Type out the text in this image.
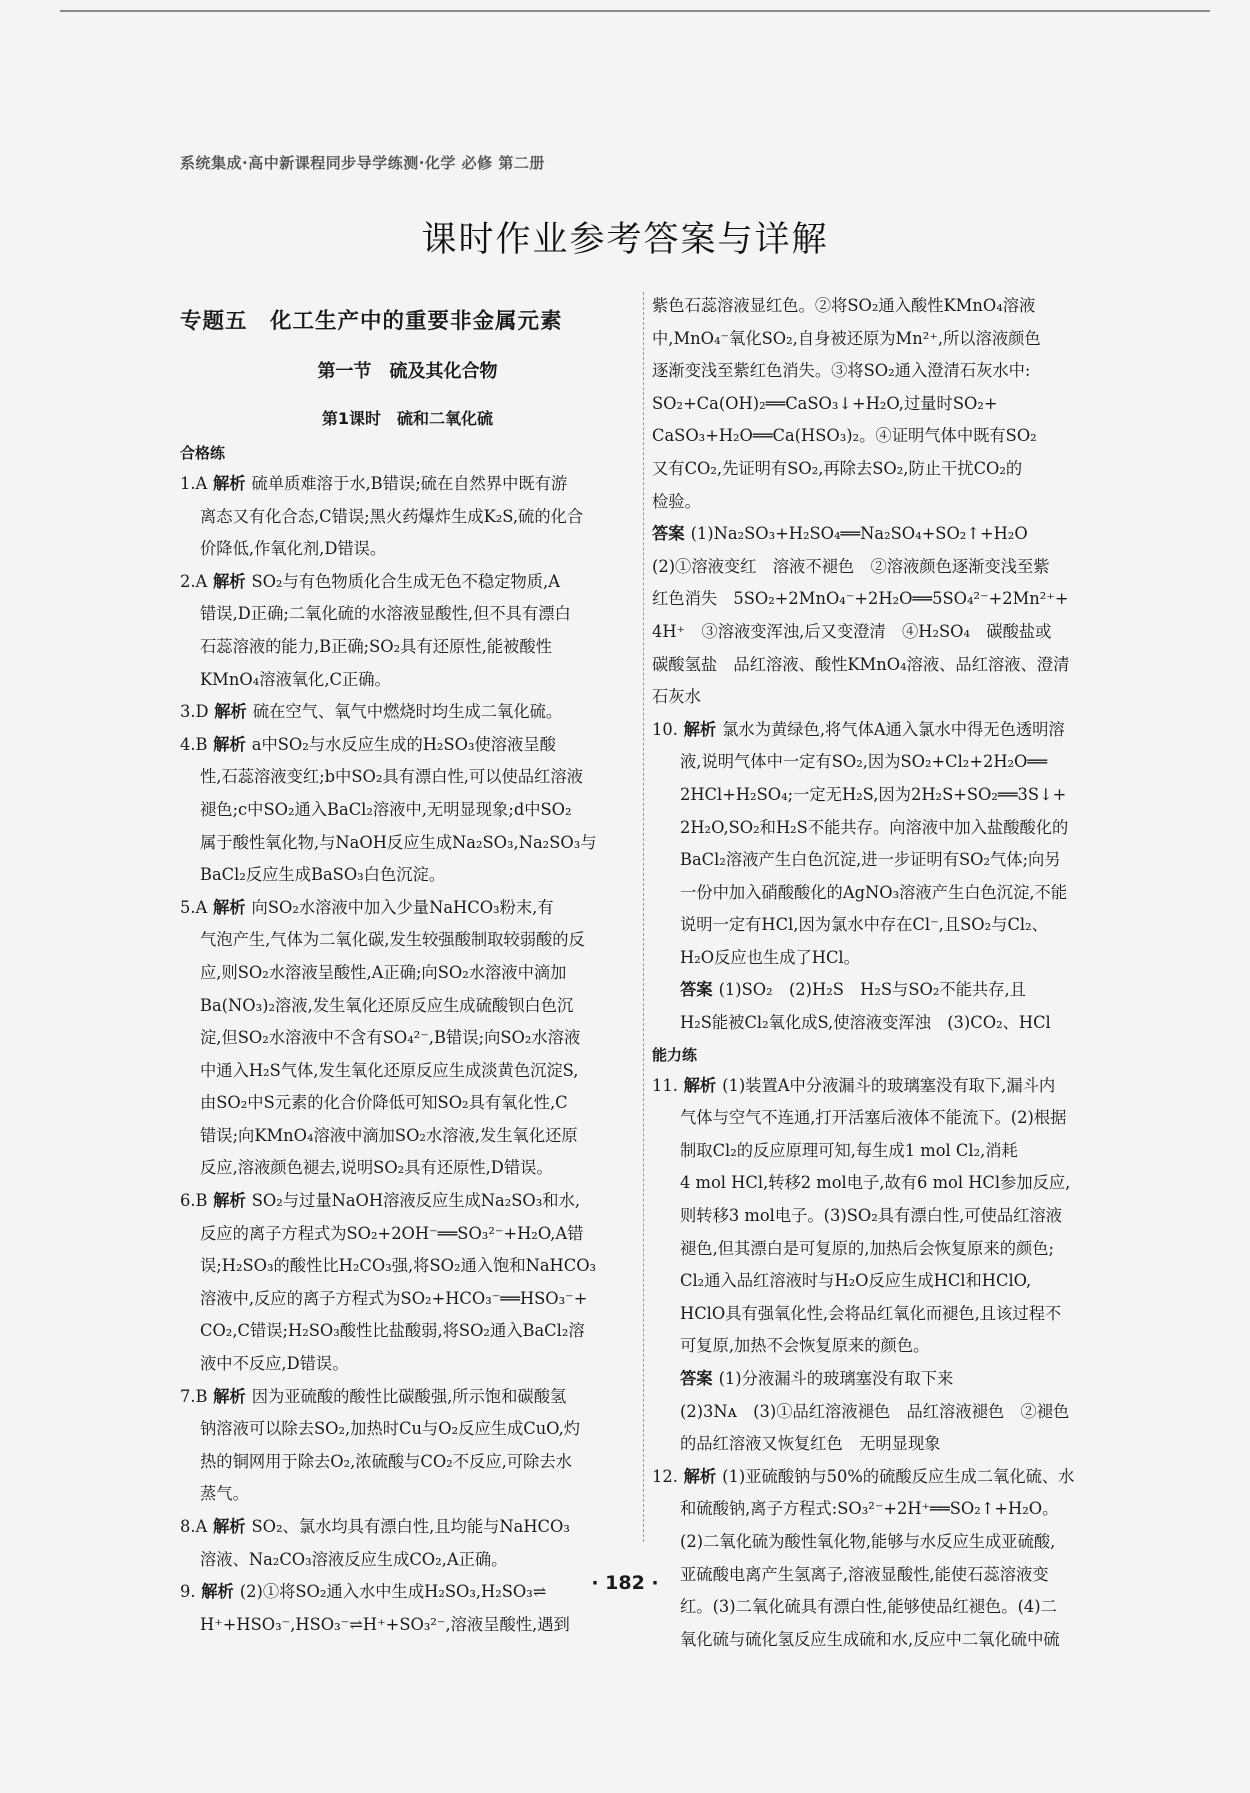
系统集成·高中新课程同步导学练测·化学 必修 第二册
课时作业参考答案与详解
专题五　化工生产中的重要非金属元素
第一节　硫及其化合物
第1课时　硫和二氧化硫
合格练
1.A 解析 硫单质难溶于水,B错误;硫在自然界中既有游
离态又有化合态,C错误;黑火药爆炸生成K₂S,硫的化合
价降低,作氧化剂,D错误。
2.A 解析 SO₂与有色物质化合生成无色不稳定物质,A
错误,D正确;二氧化硫的水溶液显酸性,但不具有漂白
石蕊溶液的能力,B正确;SO₂具有还原性,能被酸性
KMnO₄溶液氧化,C正确。
3.D 解析 硫在空气、氧气中燃烧时均生成二氧化硫。
4.B 解析 a中SO₂与水反应生成的H₂SO₃使溶液呈酸
性,石蕊溶液变红;b中SO₂具有漂白性,可以使品红溶液
褪色;c中SO₂通入BaCl₂溶液中,无明显现象;d中SO₂
属于酸性氧化物,与NaOH反应生成Na₂SO₃,Na₂SO₃与
BaCl₂反应生成BaSO₃白色沉淀。
5.A 解析 向SO₂水溶液中加入少量NaHCO₃粉末,有
气泡产生,气体为二氧化碳,发生较强酸制取较弱酸的反
应,则SO₂水溶液呈酸性,A正确;向SO₂水溶液中滴加
Ba(NO₃)₂溶液,发生氧化还原反应生成硫酸钡白色沉
淀,但SO₂水溶液中不含有SO₄²⁻,B错误;向SO₂水溶液
中通入H₂S气体,发生氧化还原反应生成淡黄色沉淀S,
由SO₂中S元素的化合价降低可知SO₂具有氧化性,C
错误;向KMnO₄溶液中滴加SO₂水溶液,发生氧化还原
反应,溶液颜色褪去,说明SO₂具有还原性,D错误。
6.B 解析 SO₂与过量NaOH溶液反应生成Na₂SO₃和水,
反应的离子方程式为SO₂+2OH⁻══SO₃²⁻+H₂O,A错
误;H₂SO₃的酸性比H₂CO₃强,将SO₂通入饱和NaHCO₃
溶液中,反应的离子方程式为SO₂+HCO₃⁻══HSO₃⁻+
CO₂,C错误;H₂SO₃酸性比盐酸弱,将SO₂通入BaCl₂溶
液中不反应,D错误。
7.B 解析 因为亚硫酸的酸性比碳酸强,所示饱和碳酸氢
钠溶液可以除去SO₂,加热时Cu与O₂反应生成CuO,灼
热的铜网用于除去O₂,浓硫酸与CO₂不反应,可除去水
蒸气。
8.A 解析 SO₂、氯水均具有漂白性,且均能与NaHCO₃
溶液、Na₂CO₃溶液反应生成CO₂,A正确。
9. 解析 (2)①将SO₂通入水中生成H₂SO₃,H₂SO₃⇌
H⁺+HSO₃⁻,HSO₃⁻⇌H⁺+SO₃²⁻,溶液呈酸性,遇到
紫色石蕊溶液显红色。②将SO₂通入酸性KMnO₄溶液
中,MnO₄⁻氧化SO₂,自身被还原为Mn²⁺,所以溶液颜色
逐渐变浅至紫红色消失。③将SO₂通入澄清石灰水中:
SO₂+Ca(OH)₂══CaSO₃↓+H₂O,过量时SO₂+
CaSO₃+H₂O══Ca(HSO₃)₂。④证明气体中既有SO₂
又有CO₂,先证明有SO₂,再除去SO₂,防止干扰CO₂的
检验。
答案 (1)Na₂SO₃+H₂SO₄══Na₂SO₄+SO₂↑+H₂O
(2)①溶液变红　溶液不褪色　②溶液颜色逐渐变浅至紫
红色消失　5SO₂+2MnO₄⁻+2H₂O══5SO₄²⁻+2Mn²⁺+
4H⁺　③溶液变浑浊,后又变澄清　④H₂SO₄　碳酸盐或
碳酸氢盐　品红溶液、酸性KMnO₄溶液、品红溶液、澄清
石灰水
10. 解析 氯水为黄绿色,将气体A通入氯水中得无色透明溶
液,说明气体中一定有SO₂,因为SO₂+Cl₂+2H₂O══
2HCl+H₂SO₄;一定无H₂S,因为2H₂S+SO₂══3S↓+
2H₂O,SO₂和H₂S不能共存。向溶液中加入盐酸酸化的
BaCl₂溶液产生白色沉淀,进一步证明有SO₂气体;向另
一份中加入硝酸酸化的AgNO₃溶液产生白色沉淀,不能
说明一定有HCl,因为氯水中存在Cl⁻,且SO₂与Cl₂、
H₂O反应也生成了HCl。
答案 (1)SO₂　(2)H₂S　H₂S与SO₂不能共存,且
H₂S能被Cl₂氧化成S,使溶液变浑浊　(3)CO₂、HCl
能力练
11. 解析 (1)装置A中分液漏斗的玻璃塞没有取下,漏斗内
气体与空气不连通,打开活塞后液体不能流下。(2)根据
制取Cl₂的反应原理可知,每生成1 mol Cl₂,消耗
4 mol HCl,转移2 mol电子,故有6 mol HCl参加反应,
则转移3 mol电子。(3)SO₂具有漂白性,可使品红溶液
褪色,但其漂白是可复原的,加热后会恢复原来的颜色;
Cl₂通入品红溶液时与H₂O反应生成HCl和HClO,
HClO具有强氧化性,会将品红氧化而褪色,且该过程不
可复原,加热不会恢复原来的颜色。
答案 (1)分液漏斗的玻璃塞没有取下来
(2)3Nᴀ　(3)①品红溶液褪色　品红溶液褪色　②褪色
的品红溶液又恢复红色　无明显现象
12. 解析 (1)亚硫酸钠与50%的硫酸反应生成二氧化硫、水
和硫酸钠,离子方程式:SO₃²⁻+2H⁺══SO₂↑+H₂O。
(2)二氧化硫为酸性氧化物,能够与水反应生成亚硫酸,
亚硫酸电离产生氢离子,溶液显酸性,能使石蕊溶液变
红。(3)二氧化硫具有漂白性,能够使品红褪色。(4)二
氧化硫与硫化氢反应生成硫和水,反应中二氧化硫中硫
· 182 ·
